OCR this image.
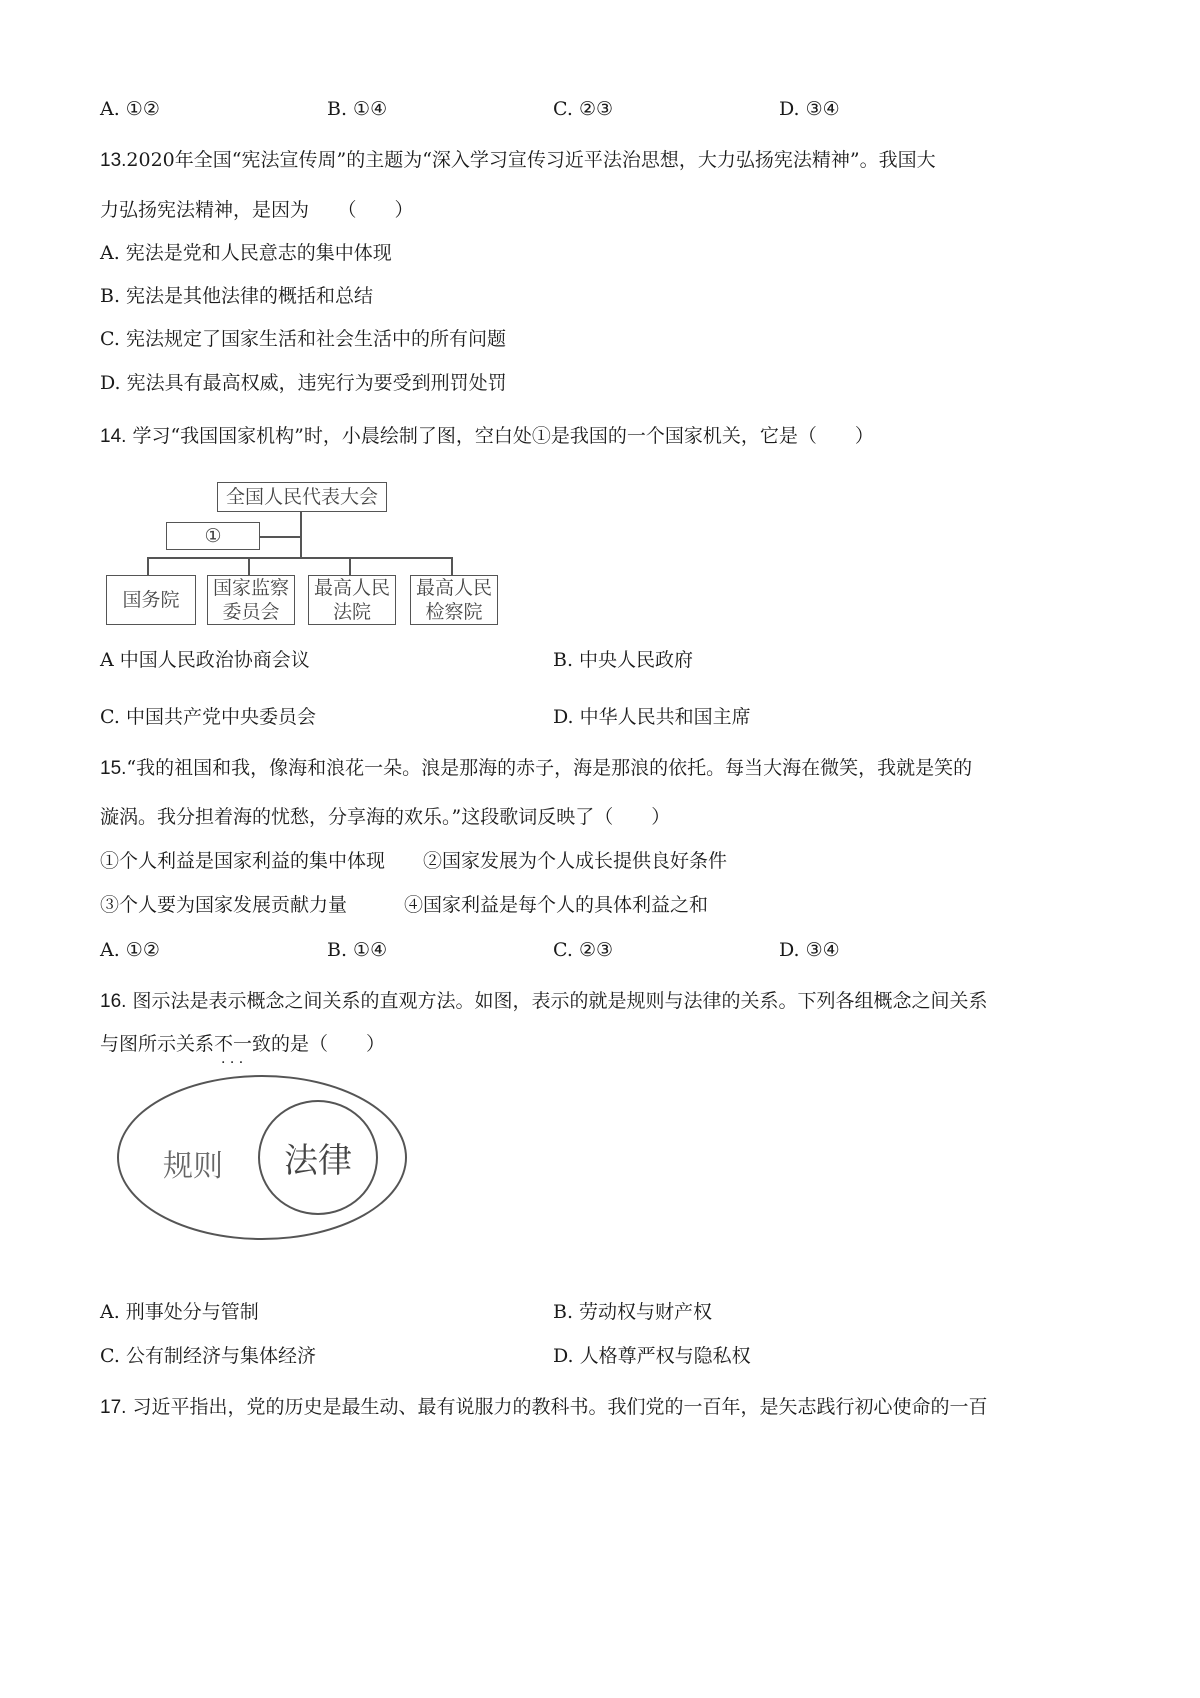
A. ①②	B. ①④	C. ②③	D. ③④
13.2020年全国“宪法宣传周”的主题为“深入学习宣传习近平法治思想，大力弘扬宪法精神”。我国大
力弘扬宪法精神，是因为　　（　　）
A. 宪法是党和人民意志的集中体现
B. 宪法是其他法律的概括和总结
C. 宪法规定了国家生活和社会生活中的所有问题
D. 宪法具有最高权威，违宪行为要受到刑罚处罚
14. 学习“我国国家机构”时，小晨绘制了图，空白处①是我国的一个国家机关，它是（　　）
全国人民代表大会
①
国务院
国家监察
委员会
最高人民
法院
最高人民
检察院
A 中国人民政治协商会议	B. 中央人民政府
C. 中国共产党中央委员会	D. 中华人民共和国主席
15.“我的祖国和我，像海和浪花一朵。浪是那海的赤子，海是那浪的依托。每当大海在微笑，我就是笑的
漩涡。我分担着海的忧愁，分享海的欢乐。”这段歌词反映了（　　）
①个人利益是国家利益的集中体现　　②国家发展为个人成长提供良好条件
③个人要为国家发展贡献力量　　　④国家利益是每个人的具体利益之和
A. ①②	B. ①④	C. ②③	D. ③④
16. 图示法是表示概念之间关系的直观方法。如图，表示的就是规则与法律的关系。下列各组概念之间关系
与图所示关系不一致的是（　　）
· · ·
规则	法律
A. 刑事处分与管制	B. 劳动权与财产权
C. 公有制经济与集体经济	D. 人格尊严权与隐私权
17. 习近平指出，党的历史是最生动、最有说服力的教科书。我们党的一百年，是矢志践行初心使命的一百
